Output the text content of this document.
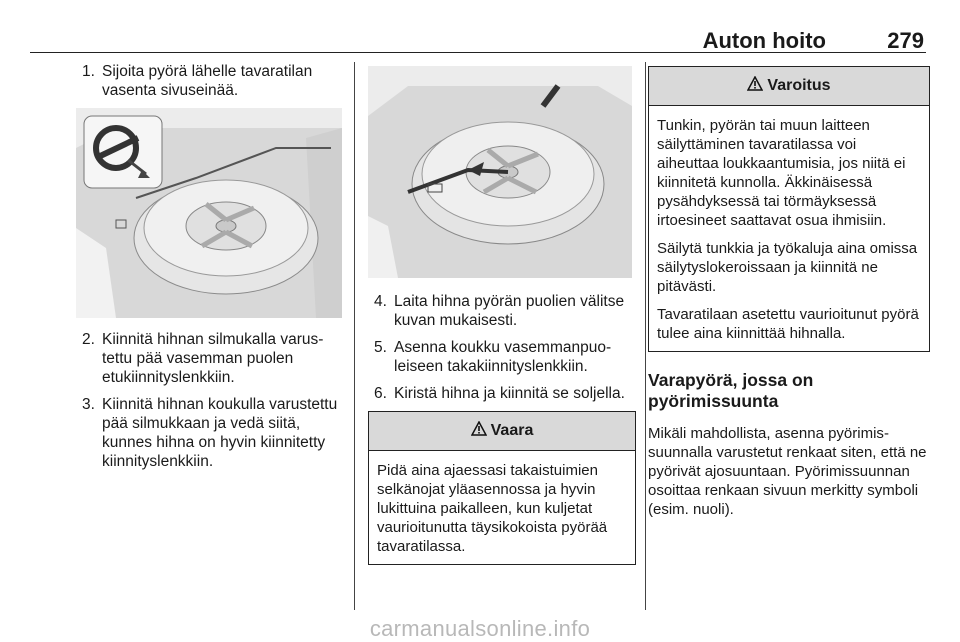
Auton hoito	279
1. Sijoita pyörä lähelle tavaratilan vasenta sivuseinää.
2. Kiinnitä hihnan silmukalla varustettu pää vasemman puolen etukiinnityslenkkiin.
3. Kiinnitä hihnan koukulla varustettu pää silmukkaan ja vedä siitä, kunnes hihna on hyvin kiinnitetty kiinnityslenkkiin.
4. Laita hihna pyörän puolien välitse kuvan mukaisesti.
5. Asenna koukku vasemmanpuoleiseen takakiinnityslenkkiin.
6. Kiristä hihna ja kiinnitä se soljella.
Vaara

Pidä aina ajaessasi takaistuimien selkänojat yläasennossa ja hyvin lukittuina paikalleen, kun kuljetat vaurioitunutta täysikokoista pyörää tavaratilassa.

Varoitus

Tunkin, pyörän tai muun laitteen säilyttäminen tavaratilassa voi aiheuttaa loukkaantumisia, jos niitä ei kiinnitetä kunnolla. Äkkinäisessä pysähdyksessä tai törmäyksessä irtoesineet saattavat osua ihmisiin.

Säilytä tunkkia ja työkaluja aina omissa säilytyslokeroissaan ja kiinnitä ne pitävästi.

Tavaratilaan asetettu vaurioitunut pyörä tulee aina kiinnittää hihnalla.

Varapyörä, jossa on pyörimissuunta

Mikäli mahdollista, asenna pyörimissuunnalla varustetut renkaat siten, että ne pyörivät ajosuuntaan. Pyörimissuunnan osoittaa renkaan sivuun merkitty symboli (esim. nuoli).

carmanualsonline.info
